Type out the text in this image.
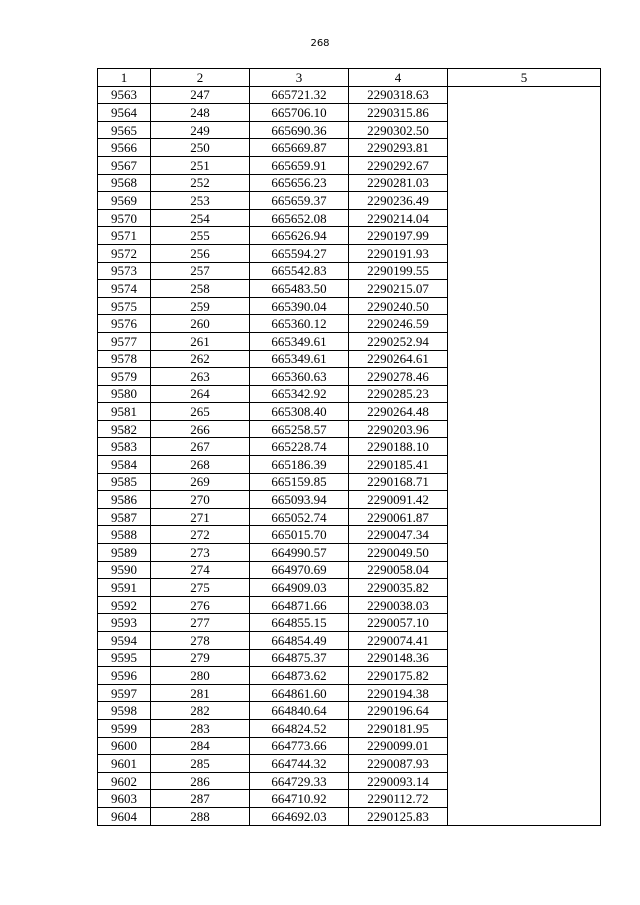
268
1	2	3	4	5
9563	247	665721.32	2290318.63	
9564	248	665706.10	2290315.86	
9565	249	665690.36	2290302.50	
9566	250	665669.87	2290293.81	
9567	251	665659.91	2290292.67	
9568	252	665656.23	2290281.03	
9569	253	665659.37	2290236.49	
9570	254	665652.08	2290214.04	
9571	255	665626.94	2290197.99	
9572	256	665594.27	2290191.93	
9573	257	665542.83	2290199.55	
9574	258	665483.50	2290215.07	
9575	259	665390.04	2290240.50	
9576	260	665360.12	2290246.59	
9577	261	665349.61	2290252.94	
9578	262	665349.61	2290264.61	
9579	263	665360.63	2290278.46	
9580	264	665342.92	2290285.23	
9581	265	665308.40	2290264.48	
9582	266	665258.57	2290203.96	
9583	267	665228.74	2290188.10	
9584	268	665186.39	2290185.41	
9585	269	665159.85	2290168.71	
9586	270	665093.94	2290091.42	
9587	271	665052.74	2290061.87	
9588	272	665015.70	2290047.34	
9589	273	664990.57	2290049.50	
9590	274	664970.69	2290058.04	
9591	275	664909.03	2290035.82	
9592	276	664871.66	2290038.03	
9593	277	664855.15	2290057.10	
9594	278	664854.49	2290074.41	
9595	279	664875.37	2290148.36	
9596	280	664873.62	2290175.82	
9597	281	664861.60	2290194.38	
9598	282	664840.64	2290196.64	
9599	283	664824.52	2290181.95	
9600	284	664773.66	2290099.01	
9601	285	664744.32	2290087.93	
9602	286	664729.33	2290093.14	
9603	287	664710.92	2290112.72	
9604	288	664692.03	2290125.83	
